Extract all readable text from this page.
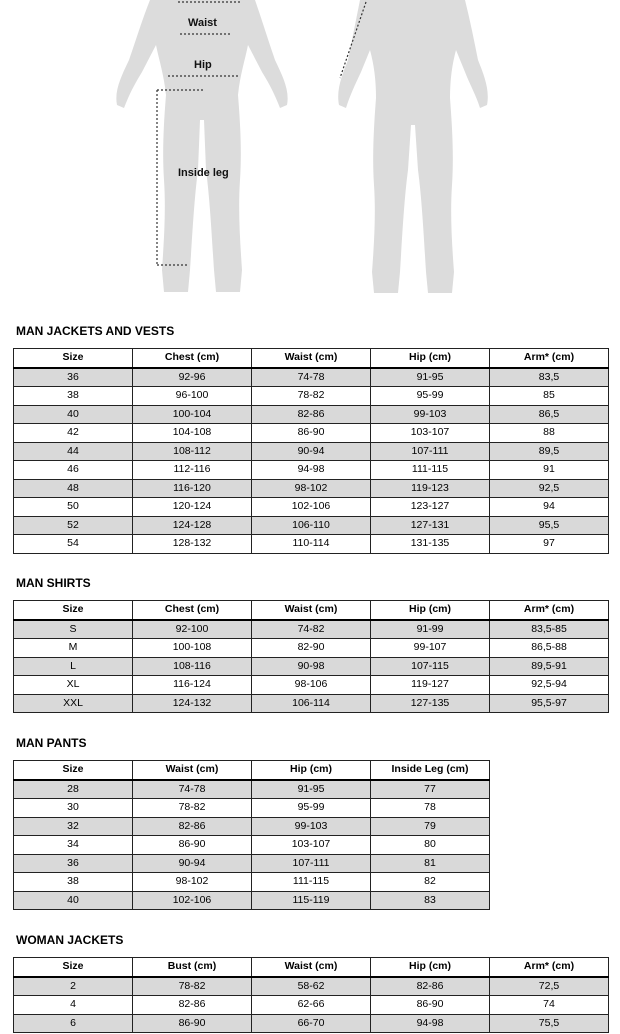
Waist
Hip
Inside leg
MAN JACKETS AND VESTS
MAN SHIRTS
MAN PANTS
WOMAN JACKETS
Size	Chest (cm)	Waist (cm)	Hip (cm)	Arm* (cm)
36	92-96	74-78	91-95	83,5
38	96-100	78-82	95-99	85
40	100-104	82-86	99-103	86,5
42	104-108	86-90	103-107	88
44	108-112	90-94	107-111	89,5
46	112-116	94-98	111-115	91
48	116-120	98-102	119-123	92,5
50	120-124	102-106	123-127	94
52	124-128	106-110	127-131	95,5
54	128-132	110-114	131-135	97
Size	Chest (cm)	Waist (cm)	Hip (cm)	Arm* (cm)
S	92-100	74-82	91-99	83,5-85
M	100-108	82-90	99-107	86,5-88
L	108-116	90-98	107-115	89,5-91
XL	116-124	98-106	119-127	92,5-94
XXL	124-132	106-114	127-135	95,5-97
Size	Waist (cm)	Hip (cm)	Inside Leg (cm)
28	74-78	91-95	77
30	78-82	95-99	78
32	82-86	99-103	79
34	86-90	103-107	80
36	90-94	107-111	81
38	98-102	111-115	82
40	102-106	115-119	83
Size	Bust (cm)	Waist (cm)	Hip (cm)	Arm* (cm)
2	78-82	58-62	82-86	72,5
4	82-86	62-66	86-90	74
6	86-90	66-70	94-98	75,5
